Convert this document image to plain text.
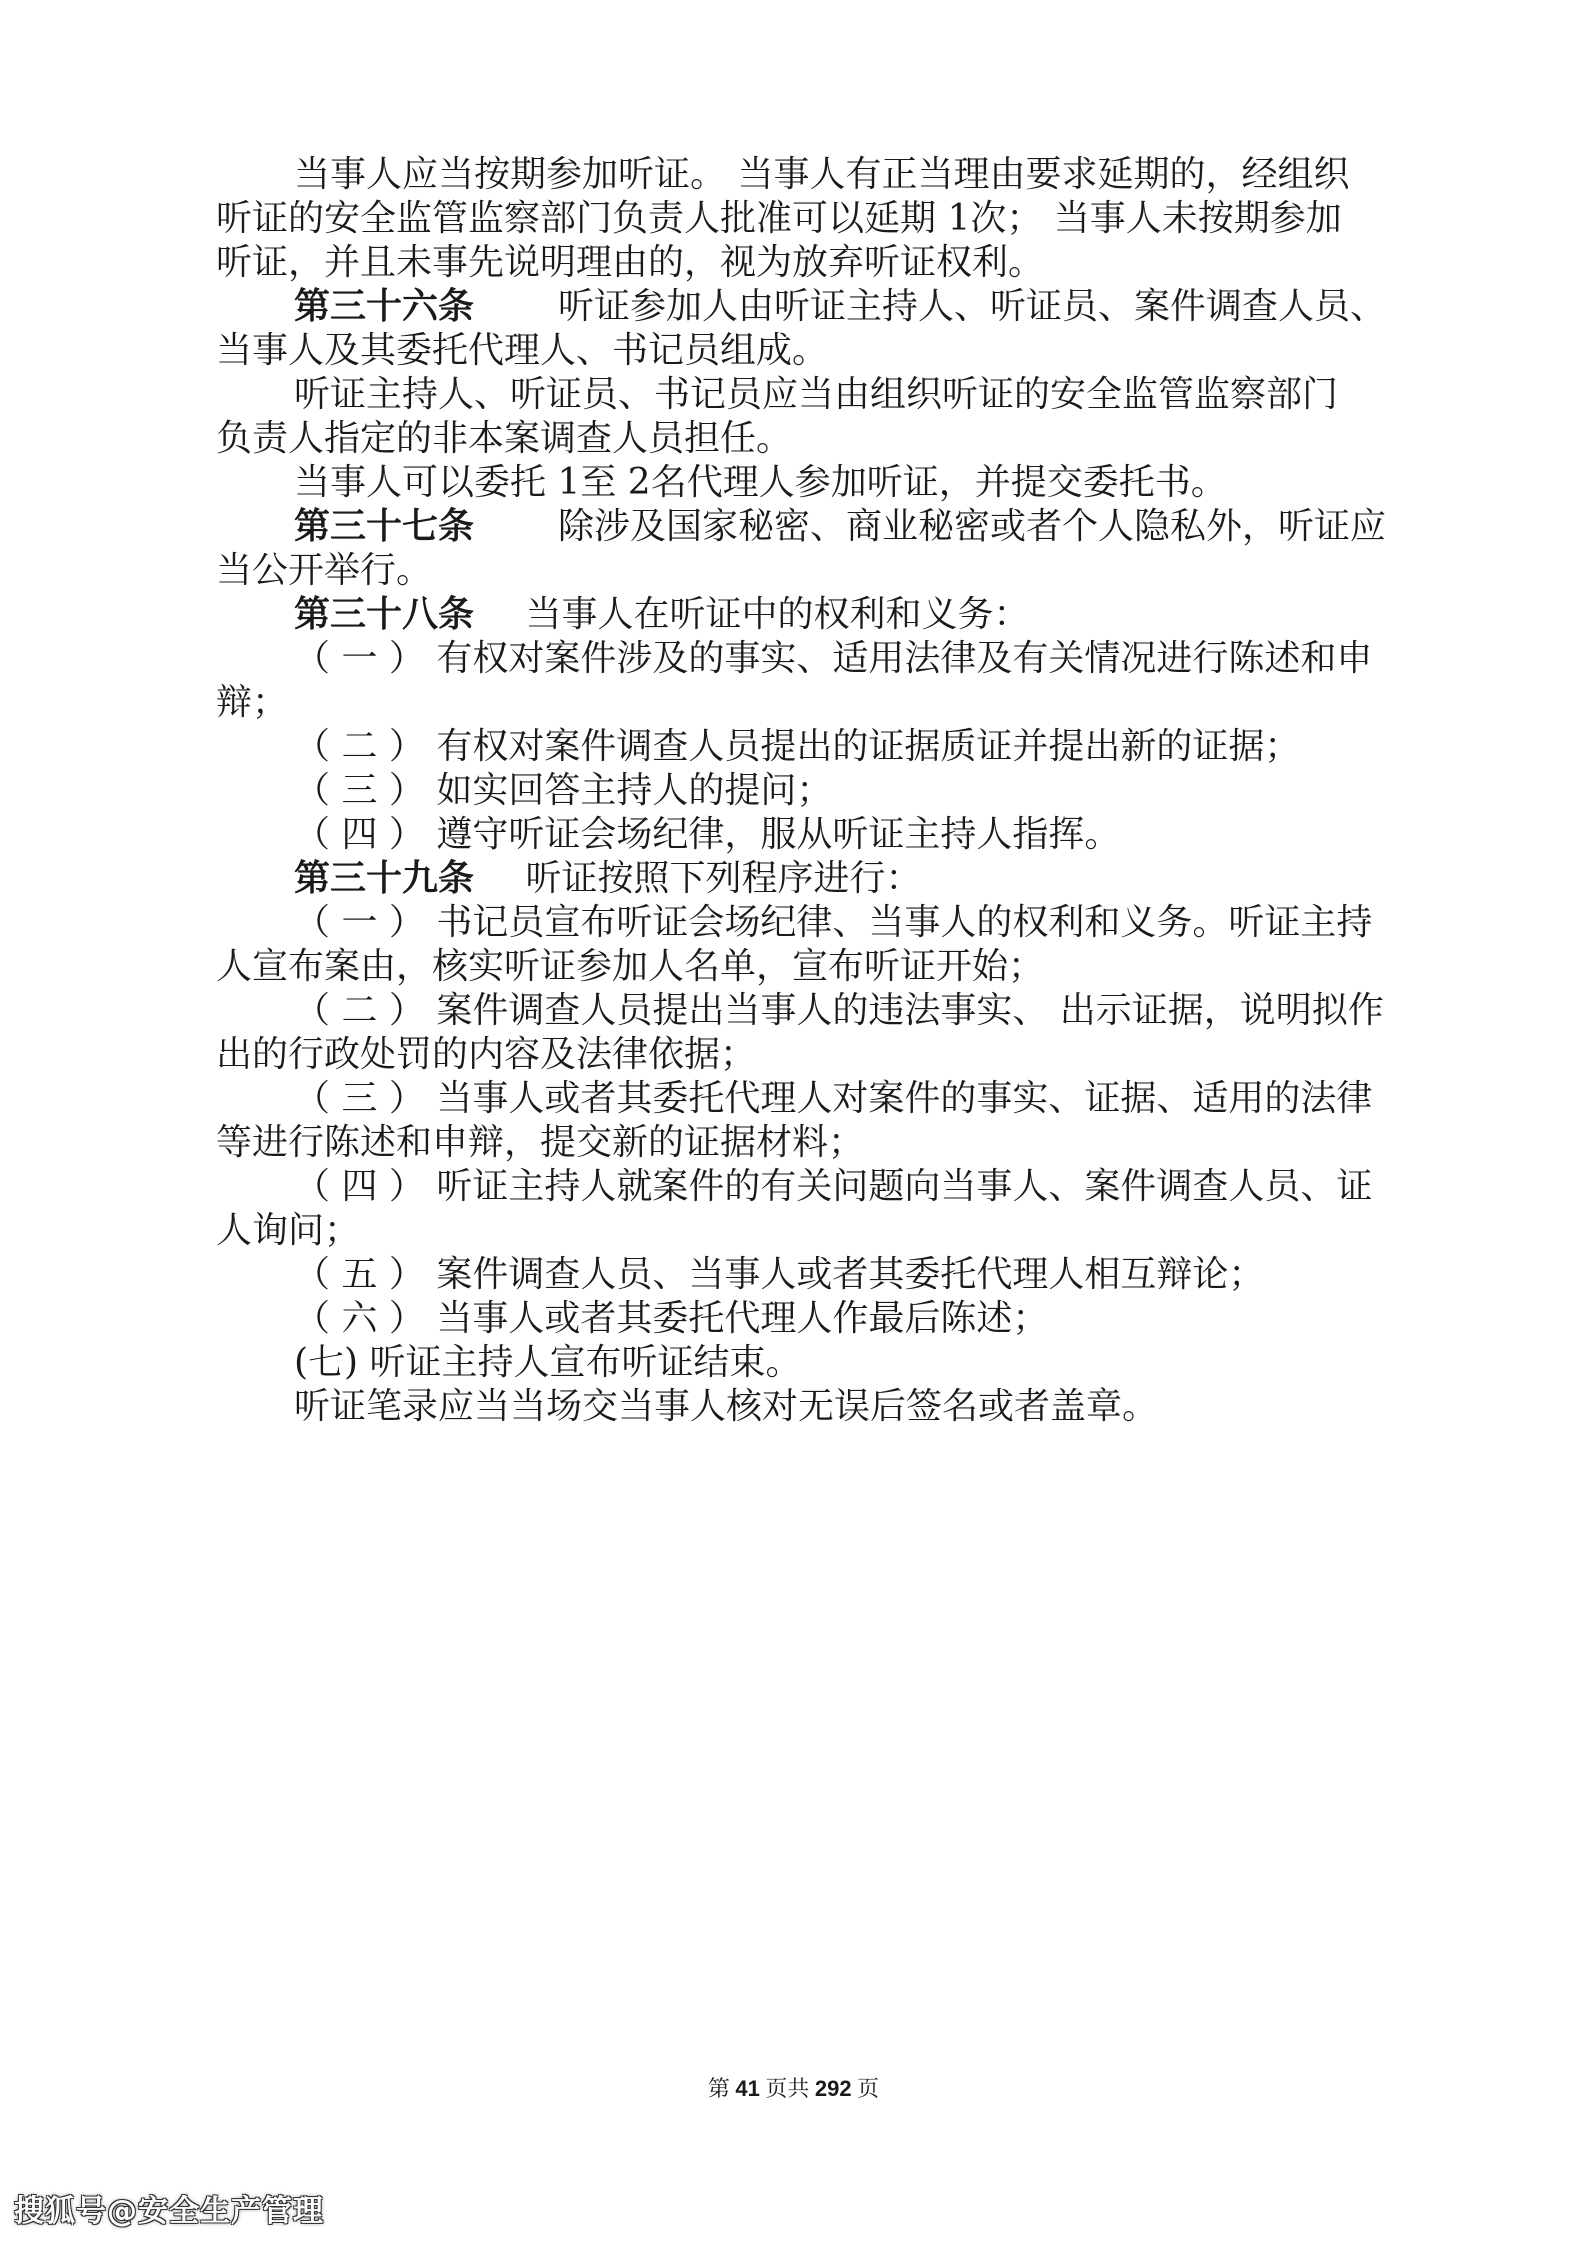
当事人应当按期参加听证。 当事人有正当理由要求延期的，经组织
听证的安全监管监察部门负责人批准可以延期 1次； 当事人未按期参加
听证，并且未事先说明理由的，视为放弃听证权利。
第三十六条 听证参加人由听证主持人、听证员、案件调查人员、
当事人及其委托代理人、书记员组成。
听证主持人、听证员、书记员应当由组织听证的安全监管监察部门
负责人指定的非本案调查人员担任。
当事人可以委托 1至 2名代理人参加听证，并提交委托书。
第三十七条 除涉及国家秘密、商业秘密或者个人隐私外，听证应
当公开举行。
第三十八条 当事人在听证中的权利和义务：
（ 一 ） 有权对案件涉及的事实、适用法律及有关情况进行陈述和申
辩；
（ 二 ） 有权对案件调查人员提出的证据质证并提出新的证据；
（ 三 ） 如实回答主持人的提问；
（ 四 ） 遵守听证会场纪律，服从听证主持人指挥。
第三十九条 听证按照下列程序进行：
（ 一 ） 书记员宣布听证会场纪律、当事人的权利和义务。听证主持
人宣布案由，核实听证参加人名单，宣布听证开始；
（ 二 ） 案件调查人员提出当事人的违法事实、 出示证据，说明拟作
出的行政处罚的内容及法律依据；
（ 三 ） 当事人或者其委托代理人对案件的事实、证据、适用的法律
等进行陈述和申辩，提交新的证据材料；
（ 四 ） 听证主持人就案件的有关问题向当事人、案件调查人员、证
人询问；
（ 五 ） 案件调查人员、当事人或者其委托代理人相互辩论；
（ 六 ） 当事人或者其委托代理人作最后陈述；
(七) 听证主持人宣布听证结束。
听证笔录应当当场交当事人核对无误后签名或者盖章。
第 41 页共 292 页
搜狐号@安全生产管理
